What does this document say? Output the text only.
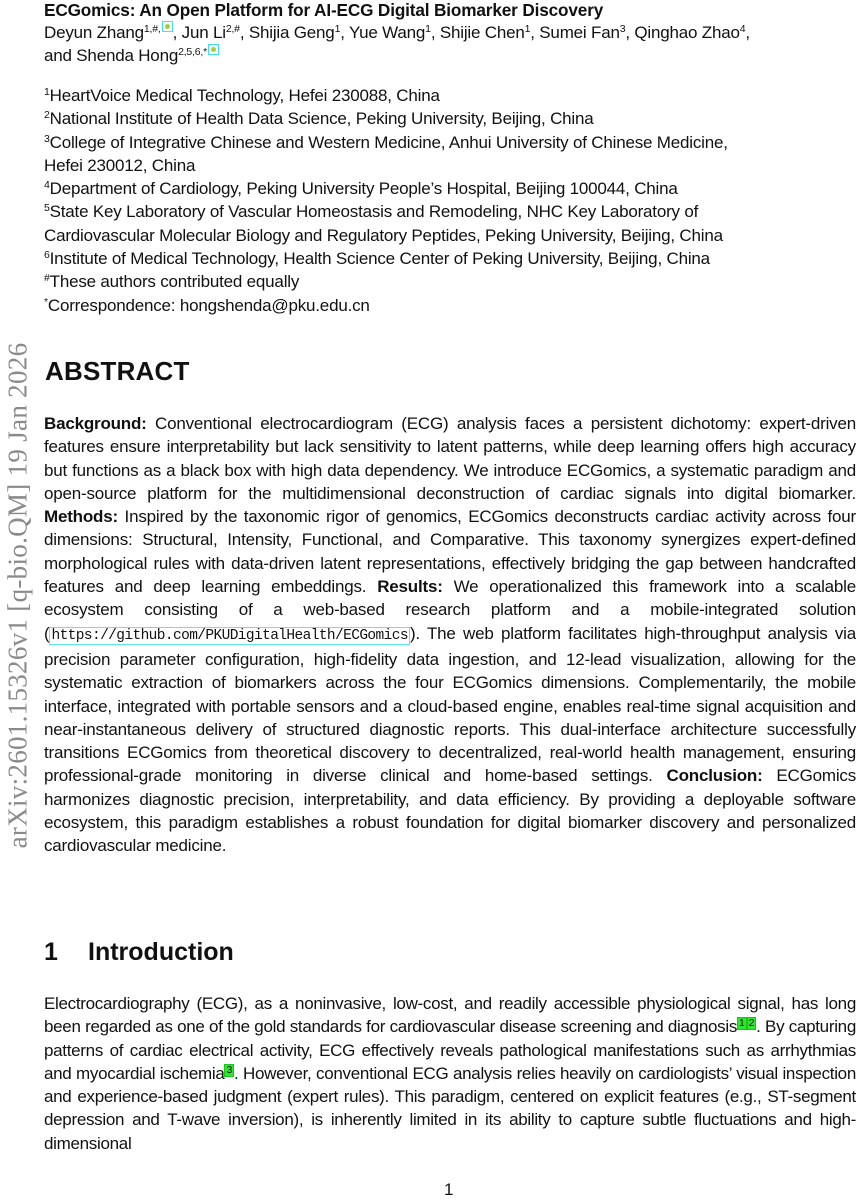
arXiv:2601.15326v1 [q-bio.QM] 19 Jan 2026
ECGomics: An Open Platform for AI-ECG Digital Biomarker Discovery
Deyun Zhang$^{1,\#,}$ , Jun $Li^{2,\#}$, Shijia Geng$^1$, Yue Wang$^1$, Shijie Chen$^1$, Sumei Fan$^3$, Qinghao Zhao$^4$,
and Shenda Hong$^{2,5,6,*}$
$^1$HeartVoice Medical Technology, Hefei 230088, China
$^2$National Institute of Health Data Science, Peking University, Beijing, China
$^3$College of Integrative Chinese and Western Medicine, Anhui University of Chinese Medicine,
Hefei 230012, China
$^4$Department of Cardiology, Peking University People’s Hospital, Beijing 100044, China
$^5$State Key Laboratory of Vascular Homeostasis and Remodeling, NHC Key Laboratory of
Cardiovascular Molecular Biology and Regulatory Peptides, Peking University, Beijing, China
$^6$Institute of Medical Technology, Health Science Center of Peking University, Beijing, China
#These authors contributed equally
*Correspondence: hongshenda@pku.edu.cn
ABSTRACT
Background: Conventional electrocardiogram (ECG) analysis faces a persistent dichotomy: expert-driven features ensure interpretability but lack sensitivity to latent patterns, while deep learning offers high accuracy but functions as a black box with high data dependency. We introduce ECGomics, a systematic paradigm and open-source platform for the multidimensional deconstruction of cardiac signals into digital biomarker. Methods: Inspired by the taxonomic rigor of genomics, ECGomics deconstructs cardiac activity across four dimensions: Structural, Intensity, Functional, and Comparative. This taxonomy synergizes expert-defined morphological rules with data-driven latent representations, effectively bridging the gap between handcrafted features and deep learning embeddings. Results: We operationalized this framework into a scalable ecosystem consisting of a web-based research platform and a mobile-integrated solution ( https://github.com/PKUDigitalHealth/ECGomics ). The web platform facilitates high-throughput analysis via precision parameter configuration, high-fidelity data ingestion, and 12-lead visualization, allowing for the systematic extraction of biomarkers across the four ECGomics dimensions. Complementarily, the mobile interface, integrated with portable sensors and a cloud-based engine, enables real-time signal acquisition and near-instantaneous delivery of structured diagnostic reports. This dual-interface architecture successfully transitions ECGomics from theoretical discovery to decentralized, real-world health management, ensuring professional-grade monitoring in diverse clinical and home-based settings. Conclusion: ECGomics harmonizes diagnostic precision, interpretability, and data efficiency. By providing a deployable software ecosystem, this paradigm establishes a robust foundation for digital biomarker discovery and personalized cardiovascular medicine.
1 Introduction
Electrocardiography (ECG), as a noninvasive, low-cost, and readily accessible physiological signal, has long been regarded as one of the gold standards for cardiovascular disease screening and diagnosis 1 2 . By capturing patterns of cardiac electrical activity, ECG effectively reveals pathological manifestations such as arrhythmias and myocardial ischemia 3 . However, conventional ECG analysis relies heavily on cardiologists’ visual inspection and experience-based judgment (expert rules). This paradigm, centered on explicit features (e.g., ST-segment depression and T-wave inversion), is inherently limited in its ability to capture subtle fluctuations and high-dimensional
1
